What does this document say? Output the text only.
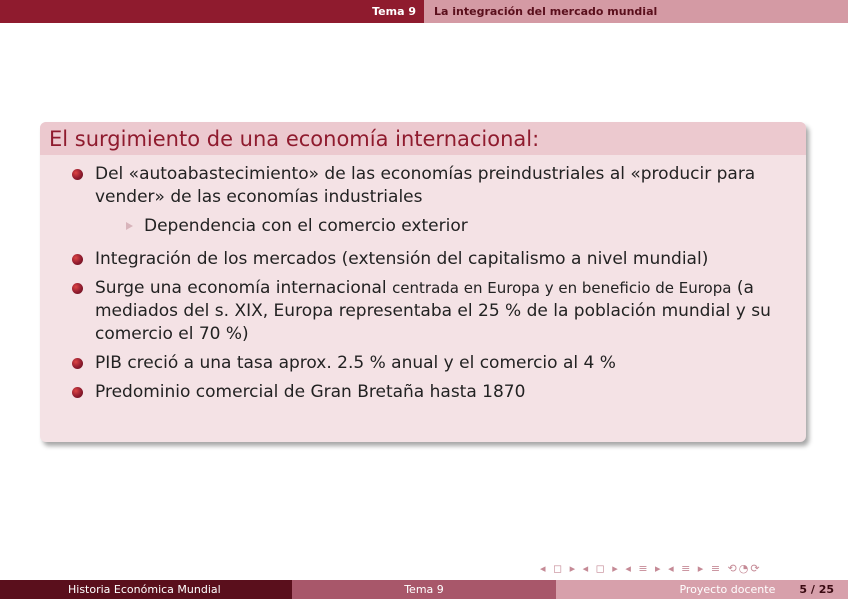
Tema 9	La integración del mercado mundial
El surgimiento de una economía internacional:
Del «autoabastecimiento» de las economías preindustriales al «producir para vender» de las economías industriales
Dependencia con el comercio exterior
Integración de los mercados (extensión del capitalismo a nivel mundial)
Surge una economía internacional centrada en Europa y en beneficio de Europa (a mediados del s. XIX, Europa representaba el 25 % de la población mundial y su comercio el 70 %)
PIB creció a una tasa aprox. 2.5 % anual y el comercio al 4 %
Predominio comercial de Gran Bretaña hasta 1870
◂ ◻ ▸ ◂ ◻ ▸ ◂ ≡ ▸ ◂ ≡ ▸ ≡ ⟲◔⟳
Historia Económica Mundial	Tema 9	Proyecto docente 5 / 25
